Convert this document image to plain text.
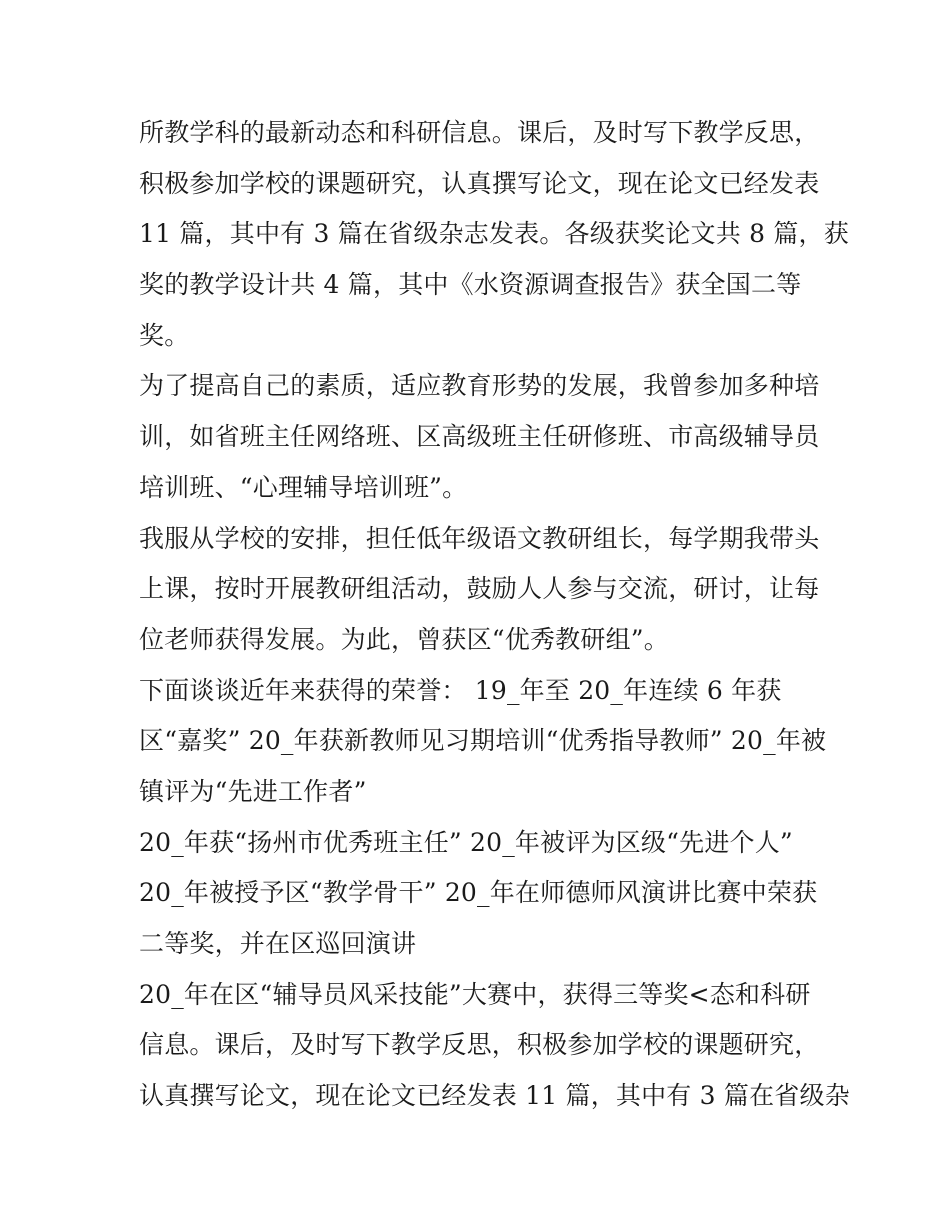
所教学科的最新动态和科研信息。课后，及时写下教学反思，
积极参加学校的课题研究，认真撰写论文，现在论文已经发表
11 篇，其中有 3 篇在省级杂志发表。各级获奖论文共 8 篇，获
奖的教学设计共 4 篇，其中《水资源调查报告》获全国二等
奖。
为了提高自己的素质，适应教育形势的发展，我曾参加多种培
训，如省班主任网络班、区高级班主任研修班、市高级辅导员
培训班、“心理辅导培训班”。
我服从学校的安排，担任低年级语文教研组长，每学期我带头
上课，按时开展教研组活动，鼓励人人参与交流，研讨，让每
位老师获得发展。为此，曾获区“优秀教研组”。
下面谈谈近年来获得的荣誉： 19_年至 20_年连续 6 年获
区“嘉奖” 20_年获新教师见习期培训“优秀指导教师” 20_年被
镇评为“先进工作者”
20_年获“扬州市优秀班主任” 20_年被评为区级“先进个人”
20_年被授予区“教学骨干” 20_年在师德师风演讲比赛中荣获
二等奖，并在区巡回演讲
20_年在区“辅导员风采技能”大赛中，获得三等奖<态和科研
信息。课后，及时写下教学反思，积极参加学校的课题研究，
认真撰写论文，现在论文已经发表 11 篇，其中有 3 篇在省级杂
